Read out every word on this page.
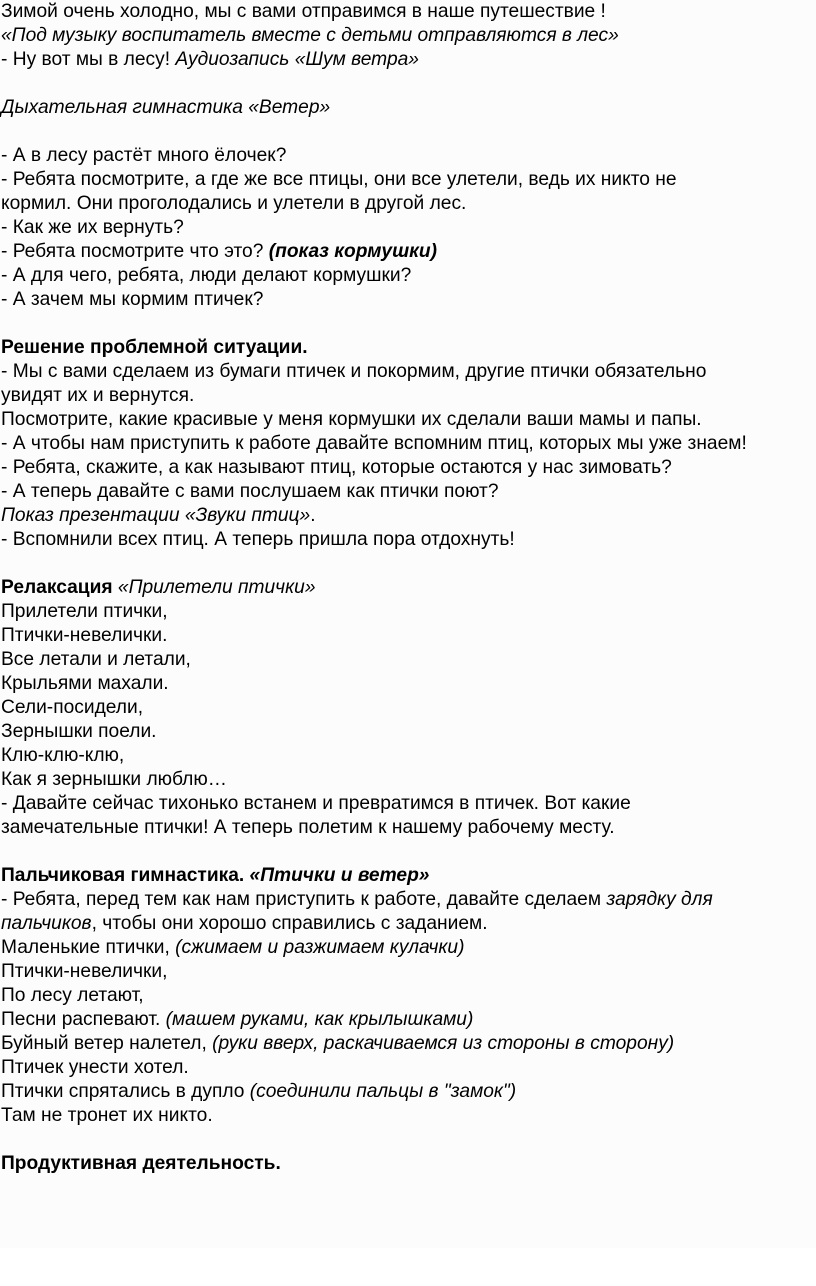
Зимой очень холодно, мы с вами отправимся в наше путешествие !

«Под музыку воспитатель вместе с детьми отправляются в лес»

- Ну вот мы в лесу! Аудиозапись «Шум ветра»

Дыхательная гимнастика «Ветер»

- А в лесу растёт много ёлочек?

- Ребята посмотрите, а где же все птицы, они все улетели, ведь их никто не

кормил. Они проголодались и улетели в другой лес.

- Как же их вернуть?

- Ребята посмотрите что это? (показ кормушки)

- А для чего, ребята, люди делают кормушки?

- А зачем мы кормим птичек?

Решение проблемной ситуации.

- Мы с вами сделаем из бумаги птичек и покормим, другие птички обязательно

увидят их и вернутся.

Посмотрите, какие красивые у меня кормушки их сделали ваши мамы и папы.

- А чтобы нам приступить к работе давайте вспомним птиц, которых мы уже знаем!

- Ребята, скажите, а как называют птиц, которые остаются у нас зимовать?

- А теперь давайте с вами послушаем как птички поют?

Показ презентации «Звуки птиц».

- Вспомнили всех птиц. А теперь пришла пора отдохнуть!

Релаксация «Прилетели птички»

Прилетели птички,

Птички-невелички.

Все летали и летали,

Крыльями махали.

Сели-посидели,

Зернышки поели.

Клю-клю-клю,

Как я зернышки люблю…

- Давайте сейчас тихонько встанем и превратимся в птичек. Вот какие

замечательные птички! А теперь полетим к нашему рабочему месту.

Пальчиковая гимнастика. «Птички и ветер»

- Ребята, перед тем как нам приступить к работе, давайте сделаем зарядку для

пальчиков, чтобы они хорошо справились с заданием.

Маленькие птички, (сжимаем и разжимаем кулачки)

Птички-невелички,

По лесу летают,

Песни распевают. (машем руками, как крылышками)

Буйный ветер налетел, (руки вверх, раскачиваемся из стороны в сторону)

Птичек унести хотел.

Птички спрятались в дупло (соединили пальцы в "замок")

Там не тронет их никто.

Продуктивная деятельность.
